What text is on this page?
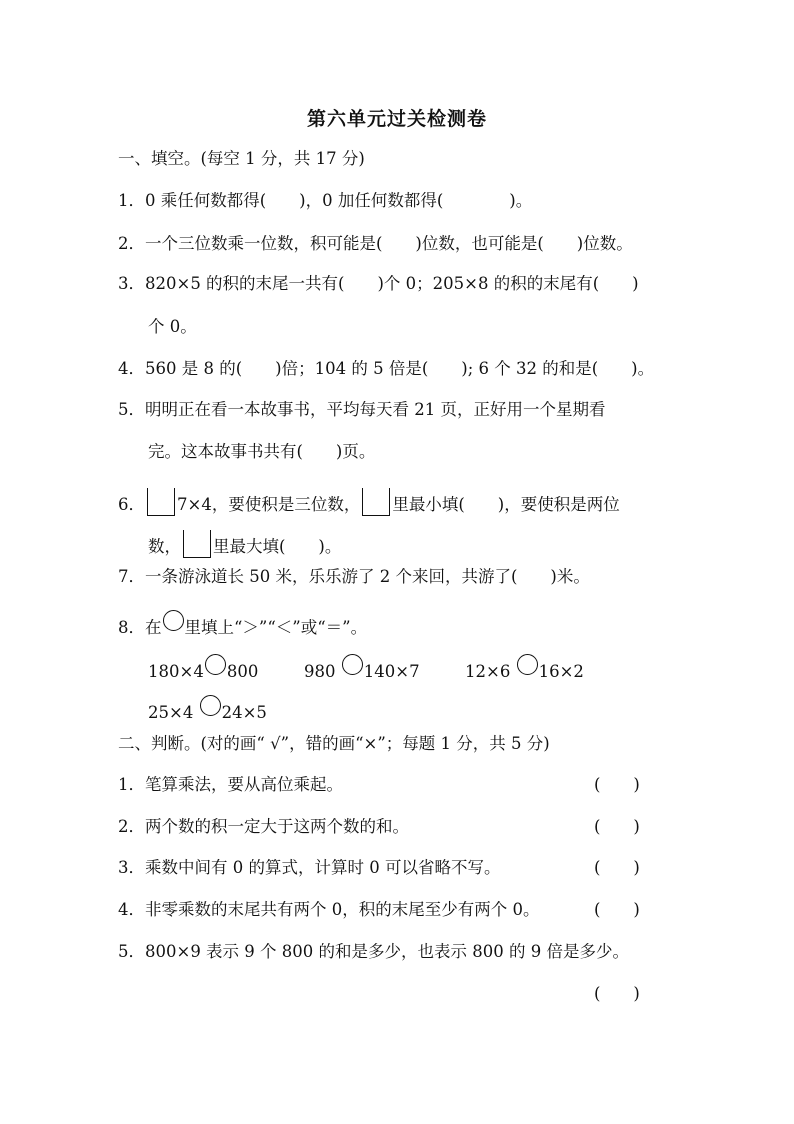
第六单元过关检测卷
一、填空。(每空 1 分，共 17 分)
1．0 乘任何数都得(　　)，0 加任何数都得(　　　　)。
2．一个三位数乘一位数，积可能是(　　)位数，也可能是(　　)位数。
3．820×5 的积的末尾一共有(　　)个 0；205×8 的积的末尾有(　　)
个 0。
4．560 是 8 的(　　)倍；104 的 5 倍是(　　); 6 个 32 的和是(　　)。
5．明明正在看一本故事书，平均每天看 21 页，正好用一个星期看
完。这本故事书共有(　　)页。
6． 7×4，要使积是三位数， 里最小填(　　)，要使积是两位
数， 里最大填(　　)。
7．一条游泳道长 50 米，乐乐游了 2 个来回，共游了(　　)米。
8．在 里填上“＞”“＜”或“＝”。
180×4 800	980 140×7	12×6 16×2
25×4 24×5
二、判断。(对的画“ √”，错的画“×”；每题 1 分，共 5 分)
1．笔算乘法，要从高位乘起。	(　　)
2．两个数的积一定大于这两个数的和。	(　　)
3．乘数中间有 0 的算式，计算时 0 可以省略不写。	(　　)
4．非零乘数的末尾共有两个 0，积的末尾至少有两个 0。	(　　)
5．800×9 表示 9 个 800 的和是多少，也表示 800 的 9 倍是多少。
(　　)
